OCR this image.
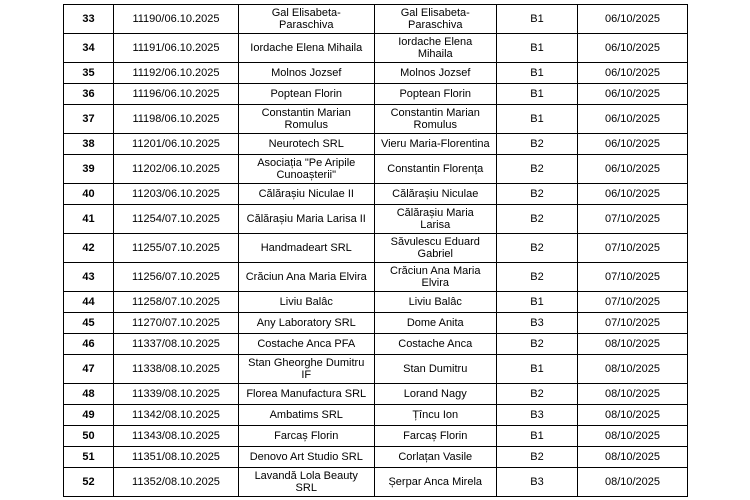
33	11190/06.10.2025	Gal Elisabeta-Paraschiva	Gal Elisabeta-Paraschiva	B1	06/10/2025
34	11191/06.10.2025	Iordache Elena Mihaila	Iordache Elena Mihaila	B1	06/10/2025
35	11192/06.10.2025	Molnos Jozsef	Molnos Jozsef	B1	06/10/2025
36	11196/06.10.2025	Poptean Florin	Poptean Florin	B1	06/10/2025
37	11198/06.10.2025	Constantin Marian Romulus	Constantin Marian Romulus	B1	06/10/2025
38	11201/06.10.2025	Neurotech SRL	Vieru Maria-Florentina	B2	06/10/2025
39	11202/06.10.2025	Asociația "Pe Aripile Cunoașterii"	Constantin Florența	B2	06/10/2025
40	11203/06.10.2025	Călărașiu Niculae II	Călărașiu Niculae	B2	06/10/2025
41	11254/07.10.2025	Călărașiu Maria Larisa II	Călărașiu Maria Larisa	B2	07/10/2025
42	11255/07.10.2025	Handmadeart SRL	Săvulescu Eduard Gabriel	B2	07/10/2025
43	11256/07.10.2025	Crăciun Ana Maria Elvira	Crăciun Ana Maria Elvira	B2	07/10/2025
44	11258/07.10.2025	Liviu Balâc	Liviu Balâc	B1	07/10/2025
45	11270/07.10.2025	Any Laboratory SRL	Dome Anita	B3	07/10/2025
46	11337/08.10.2025	Costache Anca PFA	Costache Anca	B2	08/10/2025
47	11338/08.10.2025	Stan Gheorghe Dumitru IF	Stan Dumitru	B1	08/10/2025
48	11339/08.10.2025	Florea Manufactura SRL	Lorand Nagy	B2	08/10/2025
49	11342/08.10.2025	Ambatims SRL	Țîncu Ion	B3	08/10/2025
50	11343/08.10.2025	Farcaș Florin	Farcaș Florin	B1	08/10/2025
51	11351/08.10.2025	Denovo Art Studio SRL	Corlațan Vasile	B2	08/10/2025
52	11352/08.10.2025	Lavandă Lola Beauty SRL	Șerpar Anca Mirela	B3	08/10/2025
